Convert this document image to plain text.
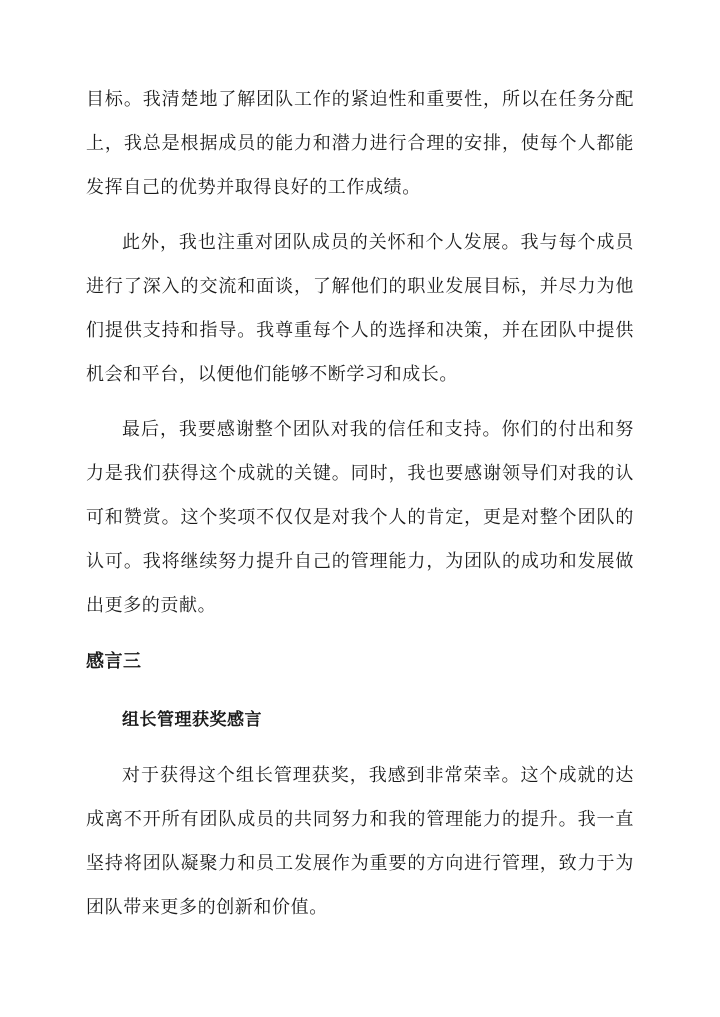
目标。我清楚地了解团队工作的紧迫性和重要性，所以在任务分配
上，我总是根据成员的能力和潜力进行合理的安排，使每个人都能
发挥自己的优势并取得良好的工作成绩。
此外，我也注重对团队成员的关怀和个人发展。我与每个成员
进行了深入的交流和面谈，了解他们的职业发展目标，并尽力为他
们提供支持和指导。我尊重每个人的选择和决策，并在团队中提供
机会和平台，以便他们能够不断学习和成长。
最后，我要感谢整个团队对我的信任和支持。你们的付出和努
力是我们获得这个成就的关键。同时，我也要感谢领导们对我的认
可和赞赏。这个奖项不仅仅是对我个人的肯定，更是对整个团队的
认可。我将继续努力提升自己的管理能力，为团队的成功和发展做
出更多的贡献。
感言三
组长管理获奖感言
对于获得这个组长管理获奖，我感到非常荣幸。这个成就的达
成离不开所有团队成员的共同努力和我的管理能力的提升。我一直
坚持将团队凝聚力和员工发展作为重要的方向进行管理，致力于为
团队带来更多的创新和价值。
